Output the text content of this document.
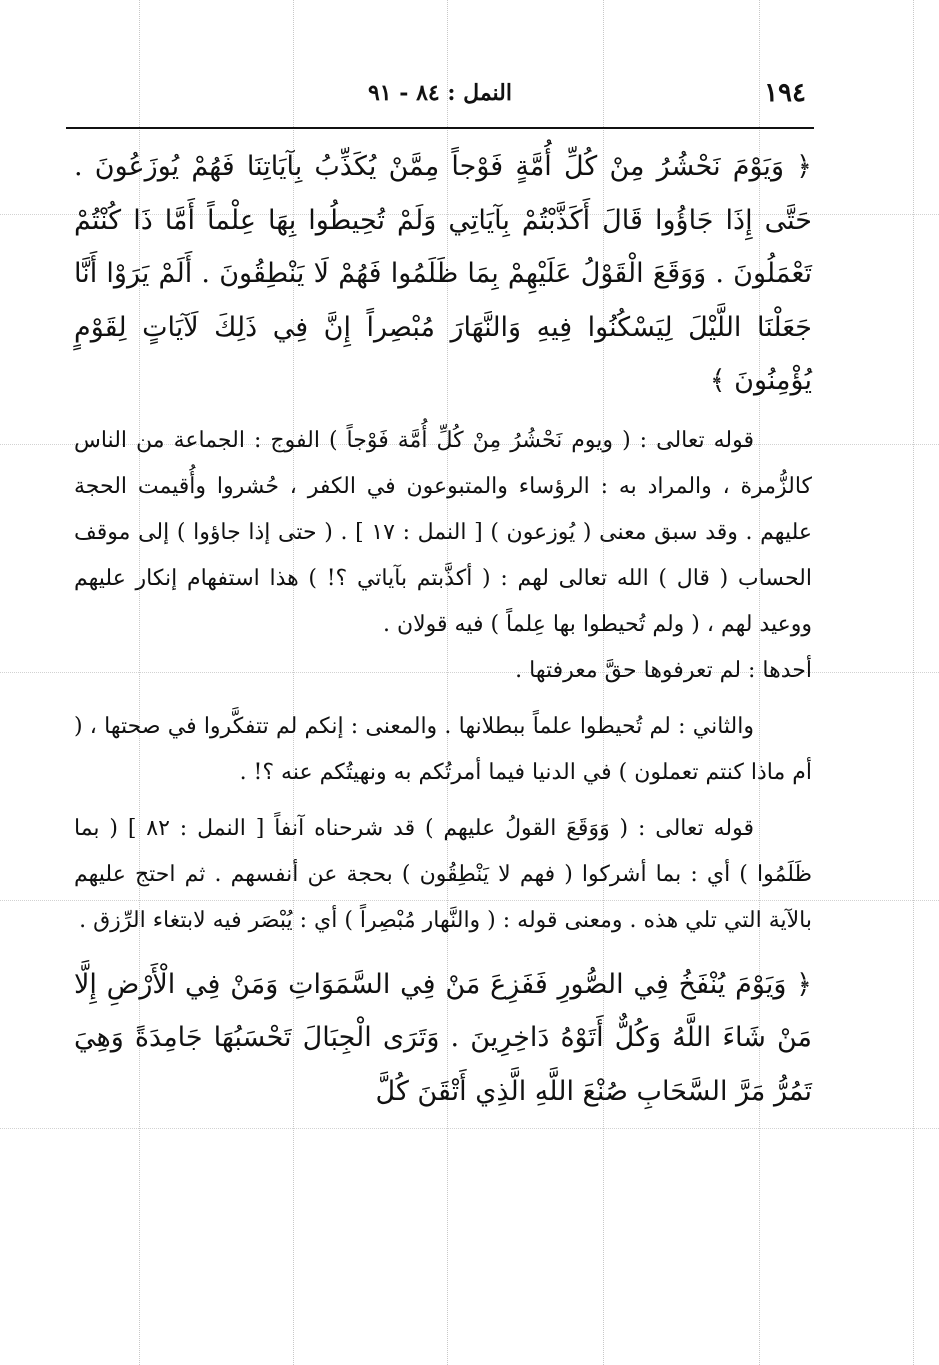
١٩٤
النمل : ٨٤ - ٩١

﴿ وَيَوْمَ نَحْشُرُ مِنْ كُلِّ أُمَّةٍ فَوْجاً مِمَّنْ يُكَذِّبُ بِآيَاتِنَا فَهُمْ يُوزَعُونَ . حَتَّى إِذَا جَاؤُوا قَالَ أَكَذَّبْتُمْ بِآيَاتِي وَلَمْ تُحِيطُوا بِهَا عِلْماً أَمَّا ذَا كُنْتُمْ تَعْمَلُونَ . وَوَقَعَ الْقَوْلُ عَلَيْهِمْ بِمَا ظَلَمُوا فَهُمْ لَا يَنْطِقُونَ . أَلَمْ يَرَوْا أَنَّا جَعَلْنَا اللَّيْلَ لِيَسْكُنُوا فِيهِ وَالنَّهَارَ مُبْصِراً إِنَّ فِي ذَلِكَ لَآيَاتٍ لِقَوْمٍ يُؤْمِنُونَ ﴾

قوله تعالى : ( ويوم نَحْشُرُ مِنْ كُلِّ أُمَّة فَوْجاً ) الفوج : الجماعة من الناس كالزُّمرة ، والمراد به : الرؤساء والمتبوعون في الكفر ، حُشروا وأُقيمت الحجة عليهم . وقد سبق معنى ( يُوزعون ) [ النمل : ١٧ ] . ( حتى إذا جاؤوا ) إلى موقف الحساب ( قال ) الله تعالى لهم : ( أكذَّبتم بآياتي ؟! ) هذا استفهام إنكار عليهم ووعيد لهم ، ( ولم تُحيطوا بها عِلماً ) فيه قولان .

أحدها : لم تعرفوها حقَّ معرفتها .

والثاني : لم تُحيطوا علماً ببطلانها . والمعنى : إنكم لم تتفكَّروا في صحتها ، ( أم ماذا كنتم تعملون ) في الدنيا فيما أمرتُكم به ونهيتُكم عنه ؟! .

قوله تعالى : ( وَوَقَعَ القولُ عليهم ) قد شرحناه آنفاً [ النمل : ٨٢ ] ( بما ظَلَمُوا ) أي : بما أشركوا ( فهم لا يَنْطِقُون ) بحجة عن أنفسهم . ثم احتج عليهم بالآية التي تلي هذه . ومعنى قوله : ( والنَّهار مُبْصِراً ) أي : يُبْصَر فيه لابتغاء الرِّزق .

﴿ وَيَوْمَ يُنْفَخُ فِي الصُّورِ فَفَزِعَ مَنْ فِي السَّمَوَاتِ وَمَنْ فِي الْأَرْضِ إِلَّا مَنْ شَاءَ اللَّهُ وَكُلٌّ أَتَوْهُ دَاخِرِينَ . وَتَرَى الْجِبَالَ تَحْسَبُهَا جَامِدَةً وَهِيَ تَمُرُّ مَرَّ السَّحَابِ صُنْعَ اللَّهِ الَّذِي أَتْقَنَ كُلَّ
